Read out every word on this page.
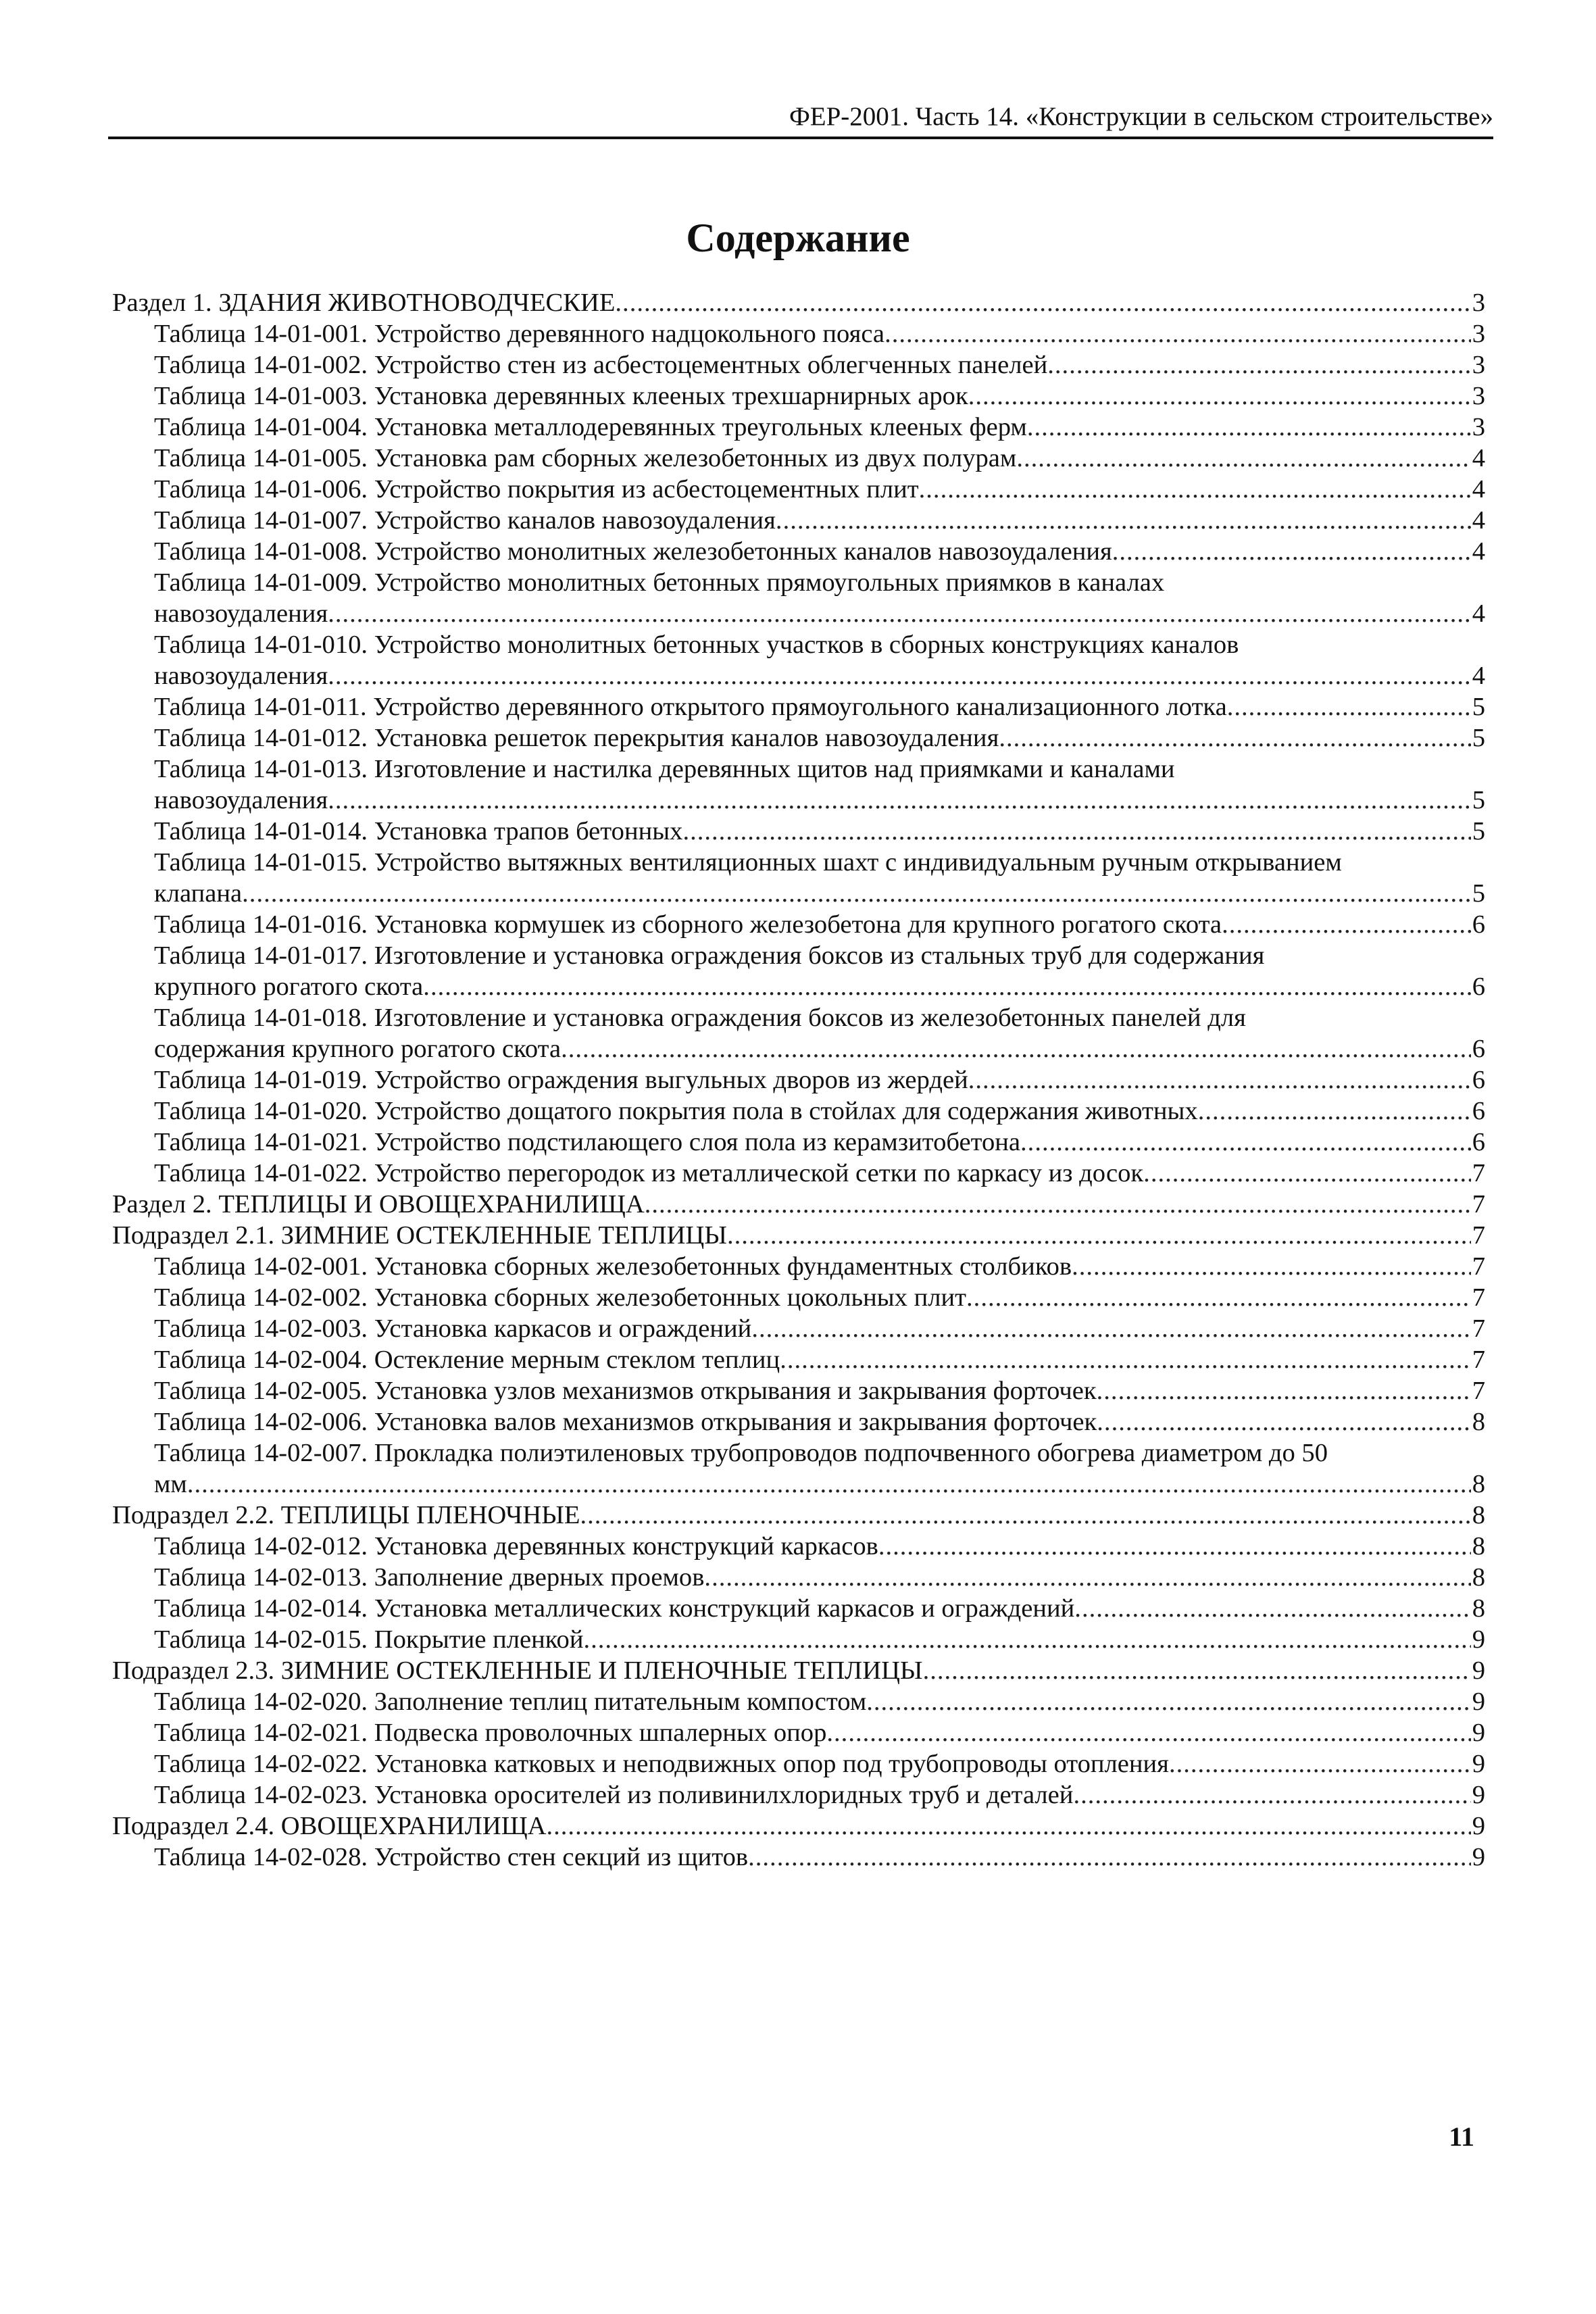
ФЕР-2001. Часть 14. «Конструкции в сельском строительстве»
Содержание
Раздел 1. ЗДАНИЯ ЖИВОТНОВОДЧЕСКИЕ .....	3
Таблица 14-01-001. Устройство деревянного надцокольного пояса .....	3
Таблица 14-01-002. Устройство стен из асбестоцементных облегченных панелей .....	3
Таблица 14-01-003. Установка деревянных клееных трехшарнирных арок .....	3
Таблица 14-01-004. Установка металлодеревянных треугольных клееных ферм .....	3
Таблица 14-01-005. Установка рам сборных железобетонных из двух полурам .....	4
Таблица 14-01-006. Устройство покрытия из асбестоцементных плит .....	4
Таблица 14-01-007. Устройство каналов навозоудаления .....	4
Таблица 14-01-008. Устройство монолитных железобетонных каналов навозоудаления .....	4
Таблица 14-01-009. Устройство монолитных бетонных прямоугольных приямков в каналах
навозоудаления .....	4
Таблица 14-01-010. Устройство монолитных бетонных участков в сборных конструкциях каналов
навозоудаления .....	4
Таблица 14-01-011. Устройство деревянного открытого прямоугольного канализационного лотка .....	5
Таблица 14-01-012. Установка решеток перекрытия каналов навозоудаления .....	5
Таблица 14-01-013. Изготовление и настилка деревянных щитов над приямками и каналами
навозоудаления .....	5
Таблица 14-01-014. Установка трапов бетонных .....	5
Таблица 14-01-015. Устройство вытяжных вентиляционных шахт с индивидуальным ручным открыванием
клапана .....	5
Таблица 14-01-016. Установка кормушек из сборного железобетона для крупного рогатого скота .....	6
Таблица 14-01-017. Изготовление и установка ограждения боксов из стальных труб для содержания
крупного рогатого скота .....	6
Таблица 14-01-018. Изготовление и установка ограждения боксов из железобетонных панелей для
содержания крупного рогатого скота .....	6
Таблица 14-01-019. Устройство ограждения выгульных дворов из жердей .....	6
Таблица 14-01-020. Устройство дощатого покрытия пола в стойлах для содержания животных .....	6
Таблица 14-01-021. Устройство подстилающего слоя пола из керамзитобетона .....	6
Таблица 14-01-022. Устройство перегородок из металлической сетки по каркасу из досок .....	7
Раздел 2. ТЕПЛИЦЫ И ОВОЩЕХРАНИЛИЩА .....	7
Подраздел 2.1. ЗИМНИЕ ОСТЕКЛЕННЫЕ ТЕПЛИЦЫ .....	7
Таблица 14-02-001. Установка сборных железобетонных фундаментных столбиков .....	7
Таблица 14-02-002. Установка сборных железобетонных цокольных плит .....	7
Таблица 14-02-003. Установка каркасов и ограждений .....	7
Таблица 14-02-004. Остекление мерным стеклом теплиц .....	7
Таблица 14-02-005. Установка узлов механизмов открывания и закрывания форточек .....	7
Таблица 14-02-006. Установка валов механизмов открывания и закрывания форточек .....	8
Таблица 14-02-007. Прокладка полиэтиленовых трубопроводов подпочвенного обогрева диаметром до 50
мм .....	8
Подраздел 2.2. ТЕПЛИЦЫ ПЛЕНОЧНЫЕ .....	8
Таблица 14-02-012. Установка деревянных конструкций каркасов .....	8
Таблица 14-02-013. Заполнение дверных проемов .....	8
Таблица 14-02-014. Установка металлических конструкций каркасов и ограждений .....	8
Таблица 14-02-015. Покрытие пленкой .....	9
Подраздел 2.3. ЗИМНИЕ ОСТЕКЛЕННЫЕ И ПЛЕНОЧНЫЕ ТЕПЛИЦЫ .....	9
Таблица 14-02-020. Заполнение теплиц питательным компостом .....	9
Таблица 14-02-021. Подвеска проволочных шпалерных опор .....	9
Таблица 14-02-022. Установка катковых и неподвижных опор под трубопроводы отопления .....	9
Таблица 14-02-023. Установка оросителей из поливинилхлоридных труб и деталей .....	9
Подраздел 2.4. ОВОЩЕХРАНИЛИЩА .....	9
Таблица 14-02-028. Устройство стен секций из щитов .....	9
11
